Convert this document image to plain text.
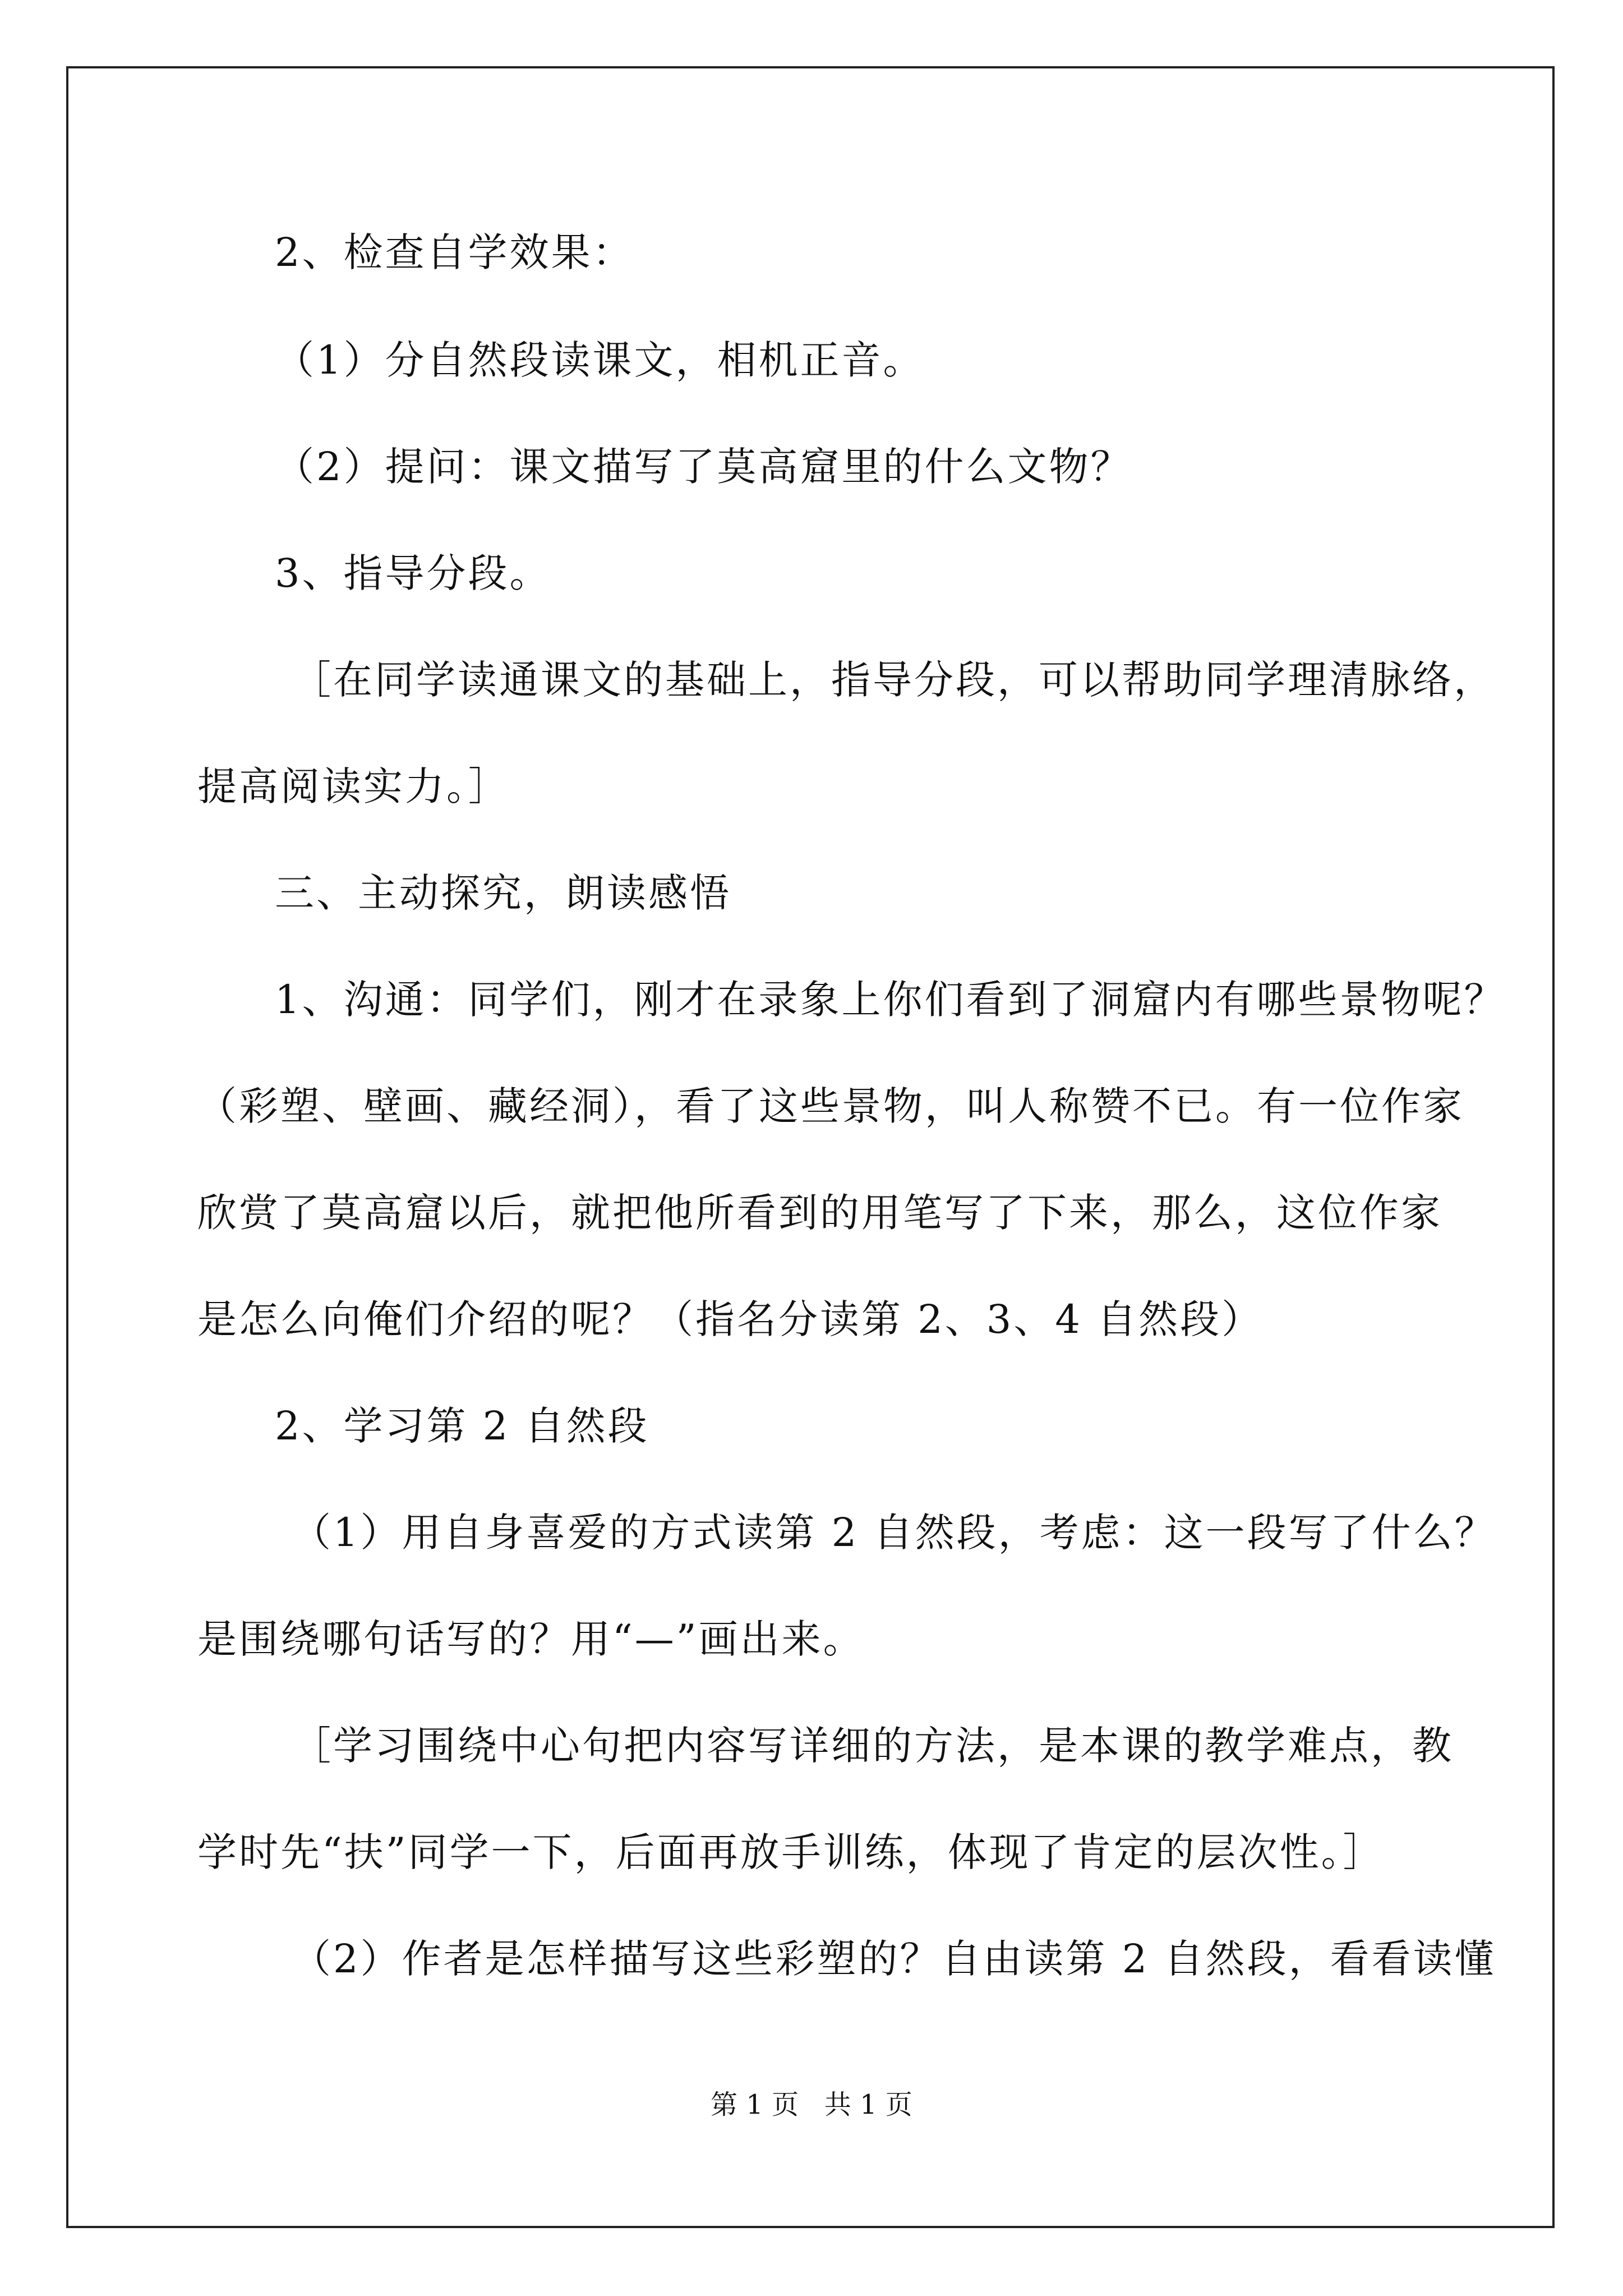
2、检查自学效果：
（1）分自然段读课文，相机正音。
（2）提问：课文描写了莫高窟里的什么文物？
3、指导分段。
［在同学读通课文的基础上，指导分段，可以帮助同学理清脉络，
提高阅读实力。］
三、主动探究，朗读感悟
1、沟通：同学们，刚才在录象上你们看到了洞窟内有哪些景物呢？
（彩塑、壁画、藏经洞），看了这些景物，叫人称赞不已。有一位作家
欣赏了莫高窟以后，就把他所看到的用笔写了下来，那么，这位作家
是怎么向俺们介绍的呢？（指名分读第 2、3、4 自然段）
2、学习第 2 自然段
（1）用自身喜爱的方式读第 2 自然段，考虑：这一段写了什么？
是围绕哪句话写的？用“—”画出来。
［学习围绕中心句把内容写详细的方法，是本课的教学难点，教
学时先“扶”同学一下，后面再放手训练，体现了肯定的层次性。］
（2）作者是怎样描写这些彩塑的？自由读第 2 自然段，看看读懂
第 1 页   共 1 页
